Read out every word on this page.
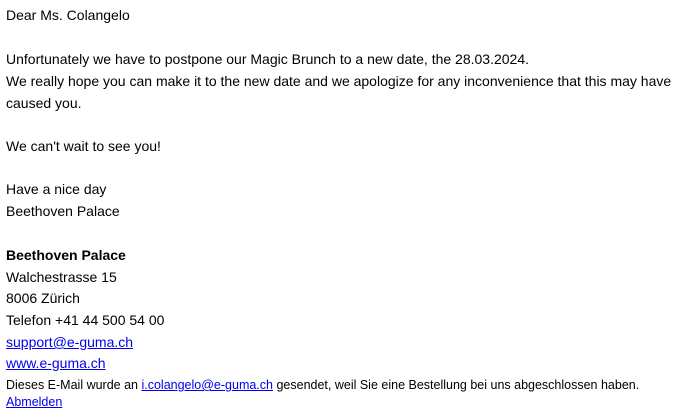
Dear Ms. Colangelo
Unfortunately we have to postpone our Magic Brunch to a new date, the 28.03.2024.
We really hope you can make it to the new date and we apologize for any inconvenience that this may have
caused you.
We can't wait to see you!
Have a nice day
Beethoven Palace
Beethoven Palace
Walchestrasse 15
8006 Zürich
Telefon +41 44 500 54 00
support@e-guma.ch
www.e-guma.ch
Dieses E-Mail wurde an i.colangelo@e-guma.ch gesendet, weil Sie eine Bestellung bei uns abgeschlossen haben.
Abmelden
